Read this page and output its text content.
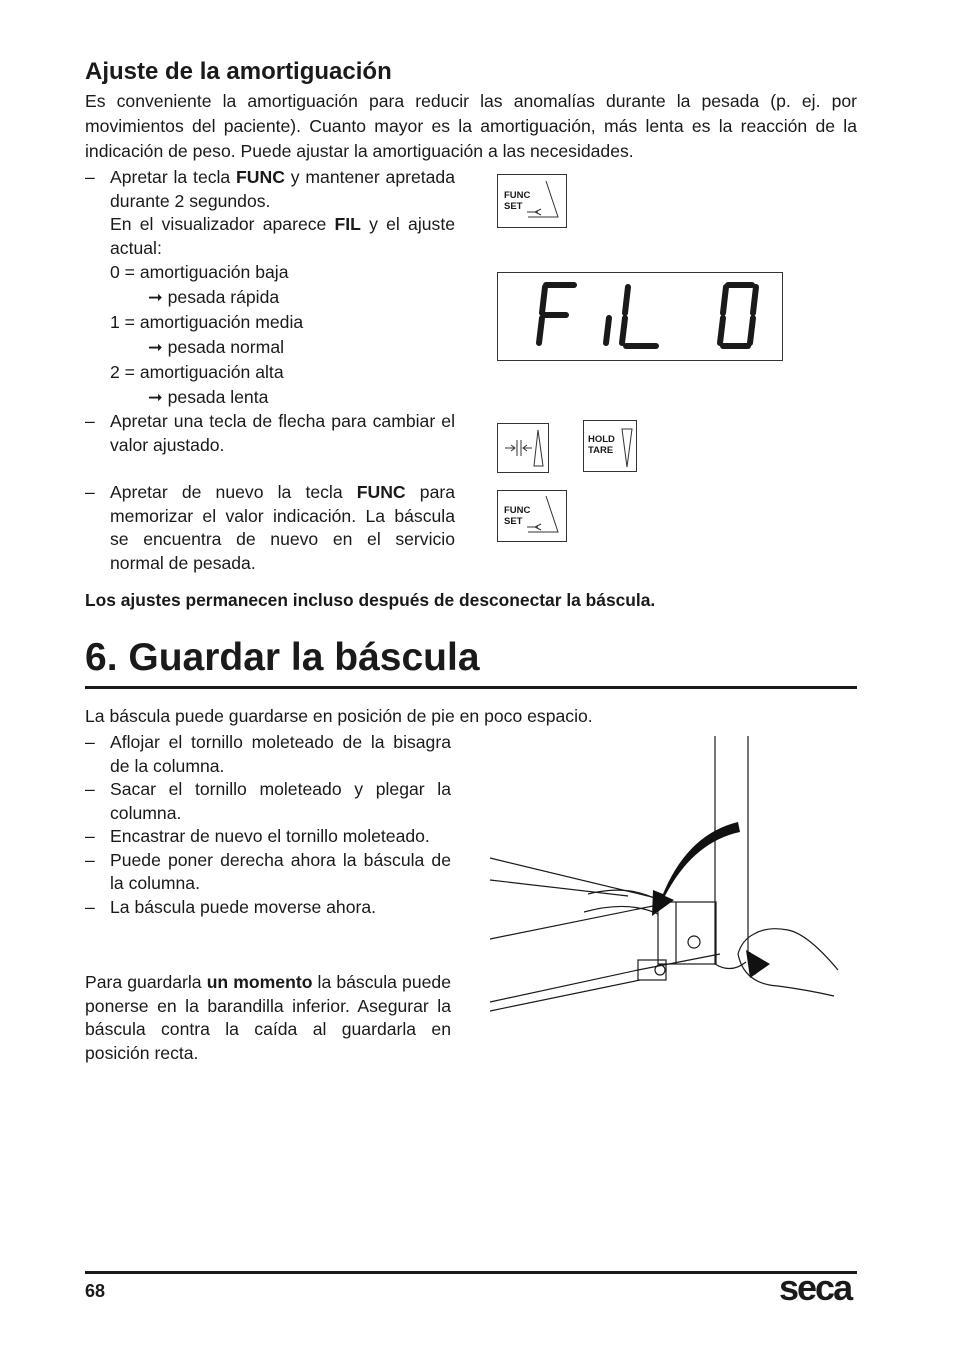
Ajuste de la amortiguación

Es conveniente la amortiguación para reducir las anomalías durante la pesada (p. ej. por movimientos del paciente). Cuanto mayor es la amortiguación, más lenta es la reacción de la indicación de peso. Puede ajustar la amortiguación a las necesidades.

– Apretar la tecla FUNC y mantener apretada durante 2 segundos.

En el visualizador aparece FIL y el ajuste actual:

0 = amortiguación baja

➞ pesada rápida

1 = amortiguación media

➞ pesada normal

2 = amortiguación alta

➞ pesada lenta

– Apretar una tecla de flecha para cambiar el valor ajustado.

– Apretar de nuevo la tecla FUNC para memorizar el valor indicación. La báscula se encuentra de nuevo en el servicio normal de pesada.

FUNC
SET
HOLD
TARE
FUNC
SET

Los ajustes permanecen incluso después de desconectar la báscula.

6. Guardar la báscula

La báscula puede guardarse en posición de pie en poco espacio.

– Aflojar el tornillo moleteado de la bisagra de la columna.

– Sacar el tornillo moleteado y plegar la columna.

– Encastrar de nuevo el tornillo moleteado.

– Puede poner derecha ahora la báscula de la columna.

– La báscula puede moverse ahora.

Para guardarla un momento la báscula puede ponerse en la barandilla inferior. Asegurar la báscula contra la caída al guardarla en posición recta.

68	seca
